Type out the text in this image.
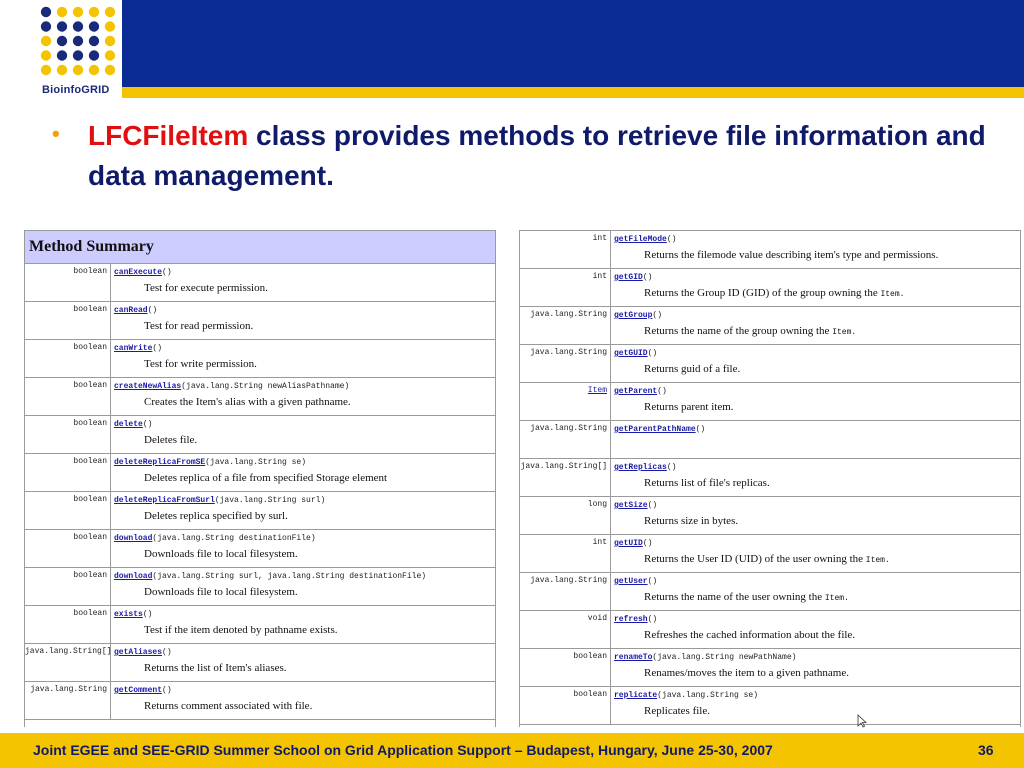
BioinfoGRID
• LFCFileItem class provides methods to retrieve file information and data management.
Method Summary
boolean canExecute()
Test for execute permission.
boolean canRead()
Test for read permission.
boolean canWrite()
Test for write permission.
boolean createNewAlias(java.lang.String newAliasPathname)
Creates the Item's alias with a given pathname.
boolean delete()
Deletes file.
boolean deleteReplicaFromSE(java.lang.String se)
Deletes replica of a file from specified Storage element
boolean deleteReplicaFromSurl(java.lang.String surl)
Deletes replica specified by surl.
boolean download(java.lang.String destinationFile)
Downloads file to local filesystem.
boolean download(java.lang.String surl, java.lang.String destinationFile)
Downloads file to local filesystem.
boolean exists()
Test if the item denoted by pathname exists.
java.lang.String[] getAliases()
Returns the list of Item's aliases.
java.lang.String getComment()
Returns comment associated with file.
int getFileMode()
Returns the filemode value describing item's type and permissions.
int getGID()
Returns the Group ID (GID) of the group owning the Item.
java.lang.String getGroup()
Returns the name of the group owning the Item.
java.lang.String getGUID()
Returns guid of a file.
Item getParent()
Returns parent item.
java.lang.String getParentPathName()
java.lang.String[] getReplicas()
Returns list of file's replicas.
long getSize()
Returns size in bytes.
int getUID()
Returns the User ID (UID) of the user owning the Item.
java.lang.String getUser()
Returns the name of the user owning the Item.
void refresh()
Refreshes the cached information about the file.
boolean renameTo(java.lang.String newPathName)
Renames/moves the item to a given pathname.
boolean replicate(java.lang.String se)
Replicates file.
Joint EGEE and SEE-GRID Summer School on Grid Application Support – Budapest, Hungary, June 25-30, 2007	36
